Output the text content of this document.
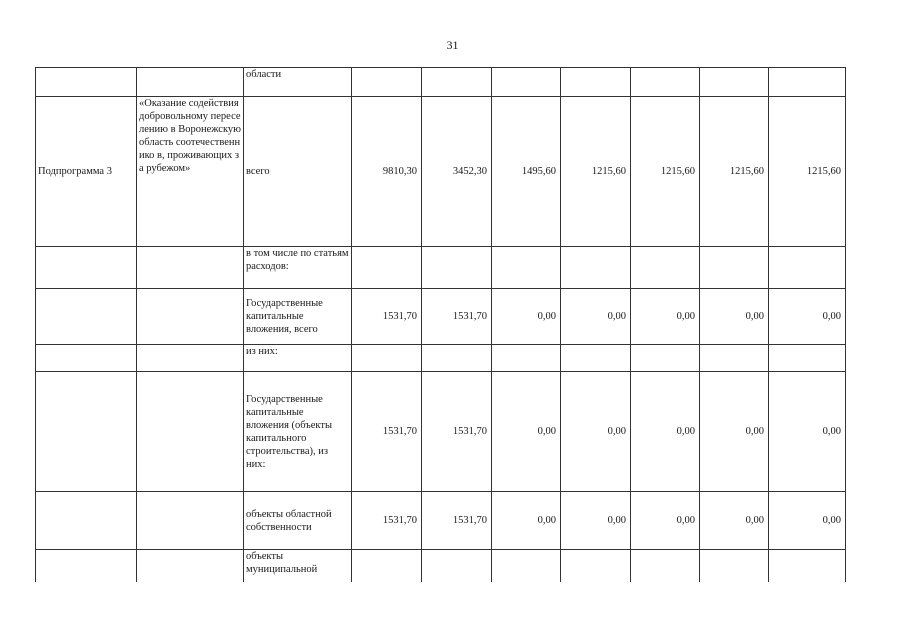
31
		области							
Подпрограмма 3	«Оказание содействия добровольному переселению в Воронежскую область соотечественнико в, проживающих за рубежом»	всего	9810,30	3452,30	1495,60	1215,60	1215,60	1215,60	1215,60
		в том числе по статьям расходов:							
		Государственные капитальные вложения, всего	1531,70	1531,70	0,00	0,00	0,00	0,00	0,00
		из них:							
		Государственные капитальные вложения (объекты капитального строительства), из них:	1531,70	1531,70	0,00	0,00	0,00	0,00	0,00
		объекты областной собственности	1531,70	1531,70	0,00	0,00	0,00	0,00	0,00
		объекты муниципальной							
